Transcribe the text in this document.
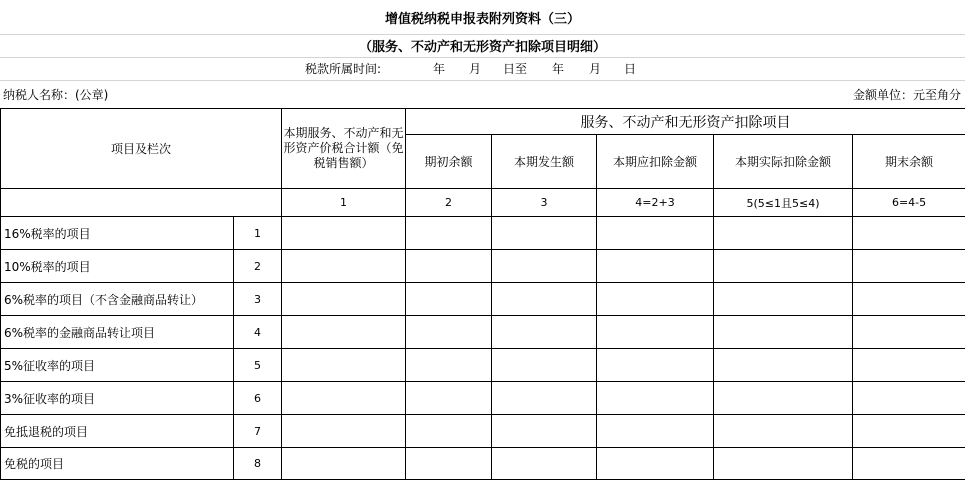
增值税纳税申报表附列资料（三）
（服务、不动产和无形资产扣除项目明细）
税款所属时间:	年 月 日至 年 月 日
纳税人名称：(公章)	金额单位：元至角分
项目及栏次		本期服务、不动产和无形资产价税合计额（免税销售额）	服务、不动产和无形资产扣除项目				
			期初余额	本期发生额	本期应扣除金额	本期实际扣除金额	期末余额
		1	2	3	4=2+3	5(5≤1且5≤4)	6=4-5
16%税率的项目	1						
10%税率的项目	2						
6%税率的项目（不含金融商品转让）	3						
6%税率的金融商品转让项目	4						
5%征收率的项目	5						
3%征收率的项目	6						
免抵退税的项目	7						
免税的项目	8						
